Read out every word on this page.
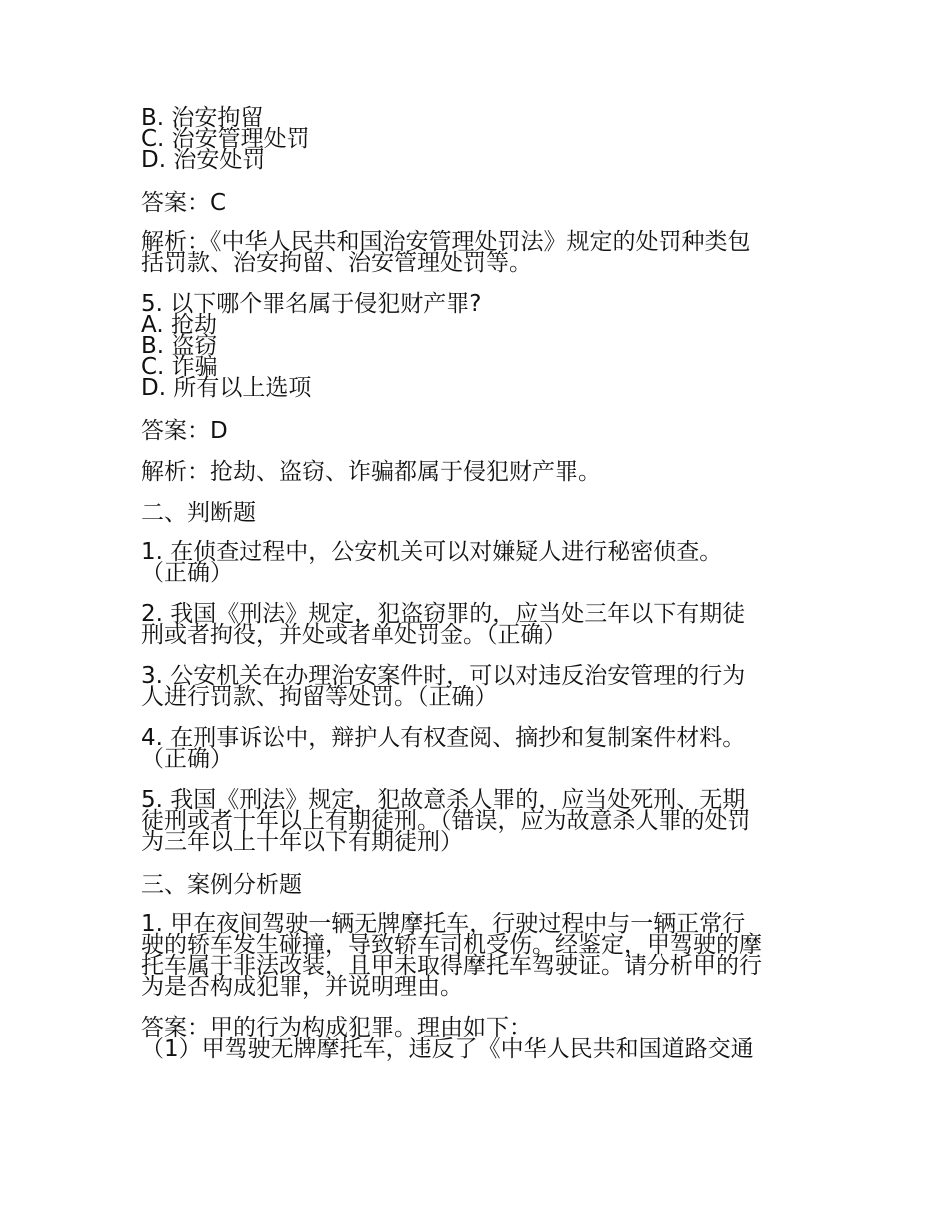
B. 治安拘留
C. 治安管理处罚
D. 治安处罚
答案：C
解析：《中华人民共和国治安管理处罚法》规定的处罚种类包
括罚款、治安拘留、治安管理处罚等。
5. 以下哪个罪名属于侵犯财产罪?
A. 抢劫
B. 盗窃
C. 诈骗
D. 所有以上选项
答案：D
解析：抢劫、盗窃、诈骗都属于侵犯财产罪。
二、判断题
1. 在侦查过程中，公安机关可以对嫌疑人进行秘密侦查。
（正确）
2. 我国《刑法》规定，犯盗窃罪的，应当处三年以下有期徒
刑或者拘役，并处或者单处罚金。（正确）
3. 公安机关在办理治安案件时，可以对违反治安管理的行为
人进行罚款、拘留等处罚。（正确）
4. 在刑事诉讼中，辩护人有权查阅、摘抄和复制案件材料。
（正确）
5. 我国《刑法》规定，犯故意杀人罪的，应当处死刑、无期
徒刑或者十年以上有期徒刑。（错误，应为故意杀人罪的处罚
为三年以上十年以下有期徒刑）
三、案例分析题
1. 甲在夜间驾驶一辆无牌摩托车，行驶过程中与一辆正常行
驶的轿车发生碰撞，导致轿车司机受伤。经鉴定，甲驾驶的摩
托车属于非法改装，且甲未取得摩托车驾驶证。请分析甲的行
为是否构成犯罪，并说明理由。
答案：甲的行为构成犯罪。理由如下：
（1）甲驾驶无牌摩托车，违反了《中华人民共和国道路交通
